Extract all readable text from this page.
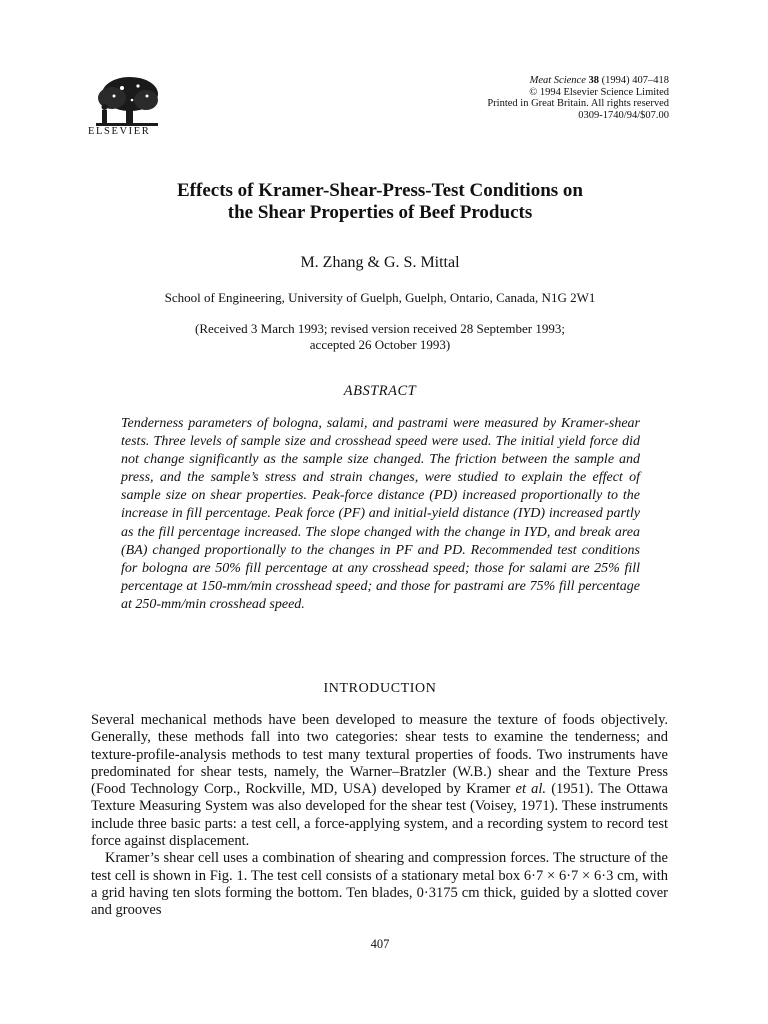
ELSEVIER
Meat Science 38 (1994) 407–418
© 1994 Elsevier Science Limited
Printed in Great Britain. All rights reserved
0309-1740/94/$07.00
Effects of Kramer-Shear-Press-Test Conditions on
the Shear Properties of Beef Products
M. Zhang & G. S. Mittal
School of Engineering, University of Guelph, Guelph, Ontario, Canada, N1G 2W1
(Received 3 March 1993; revised version received 28 September 1993;
accepted 26 October 1993)
ABSTRACT
Tenderness parameters of bologna, salami, and pastrami were measured by Kramer-shear tests. Three levels of sample size and crosshead speed were used. The initial yield force did not change significantly as the sample size changed. The friction between the sample and press, and the sample’s stress and strain changes, were studied to explain the effect of sample size on shear properties. Peak-force distance (PD) increased proportionally to the increase in fill percentage. Peak force (PF) and initial-yield distance (IYD) increased partly as the fill percentage increased. The slope changed with the change in IYD, and break area (BA) changed proportionally to the changes in PF and PD. Recommended test conditions for bologna are 50% fill percentage at any crosshead speed; those for salami are 25% fill percentage at 150-mm/min crosshead speed; and those for pastrami are 75% fill percentage at 250-mm/min crosshead speed.
INTRODUCTION

Several mechanical methods have been developed to measure the texture of foods objectively. Generally, these methods fall into two categories: shear tests to examine the tenderness; and texture-profile-analysis methods to test many textural properties of foods. Two instruments have predominated for shear tests, namely, the Warner–Bratzler (W.B.) shear and the Texture Press (Food Technology Corp., Rockville, MD, USA) developed by Kramer et al. (1951). The Ottawa Texture Measuring System was also developed for the shear test (Voisey, 1971). These instruments include three basic parts: a test cell, a force-applying system, and a recording system to record test force against displacement.

Kramer’s shear cell uses a combination of shearing and compression forces. The structure of the test cell is shown in Fig. 1. The test cell consists of a stationary metal box 6·7 × 6·7 × 6·3 cm, with a grid having ten slots forming the bottom. Ten blades, 0·3175 cm thick, guided by a slotted cover and grooves

407
